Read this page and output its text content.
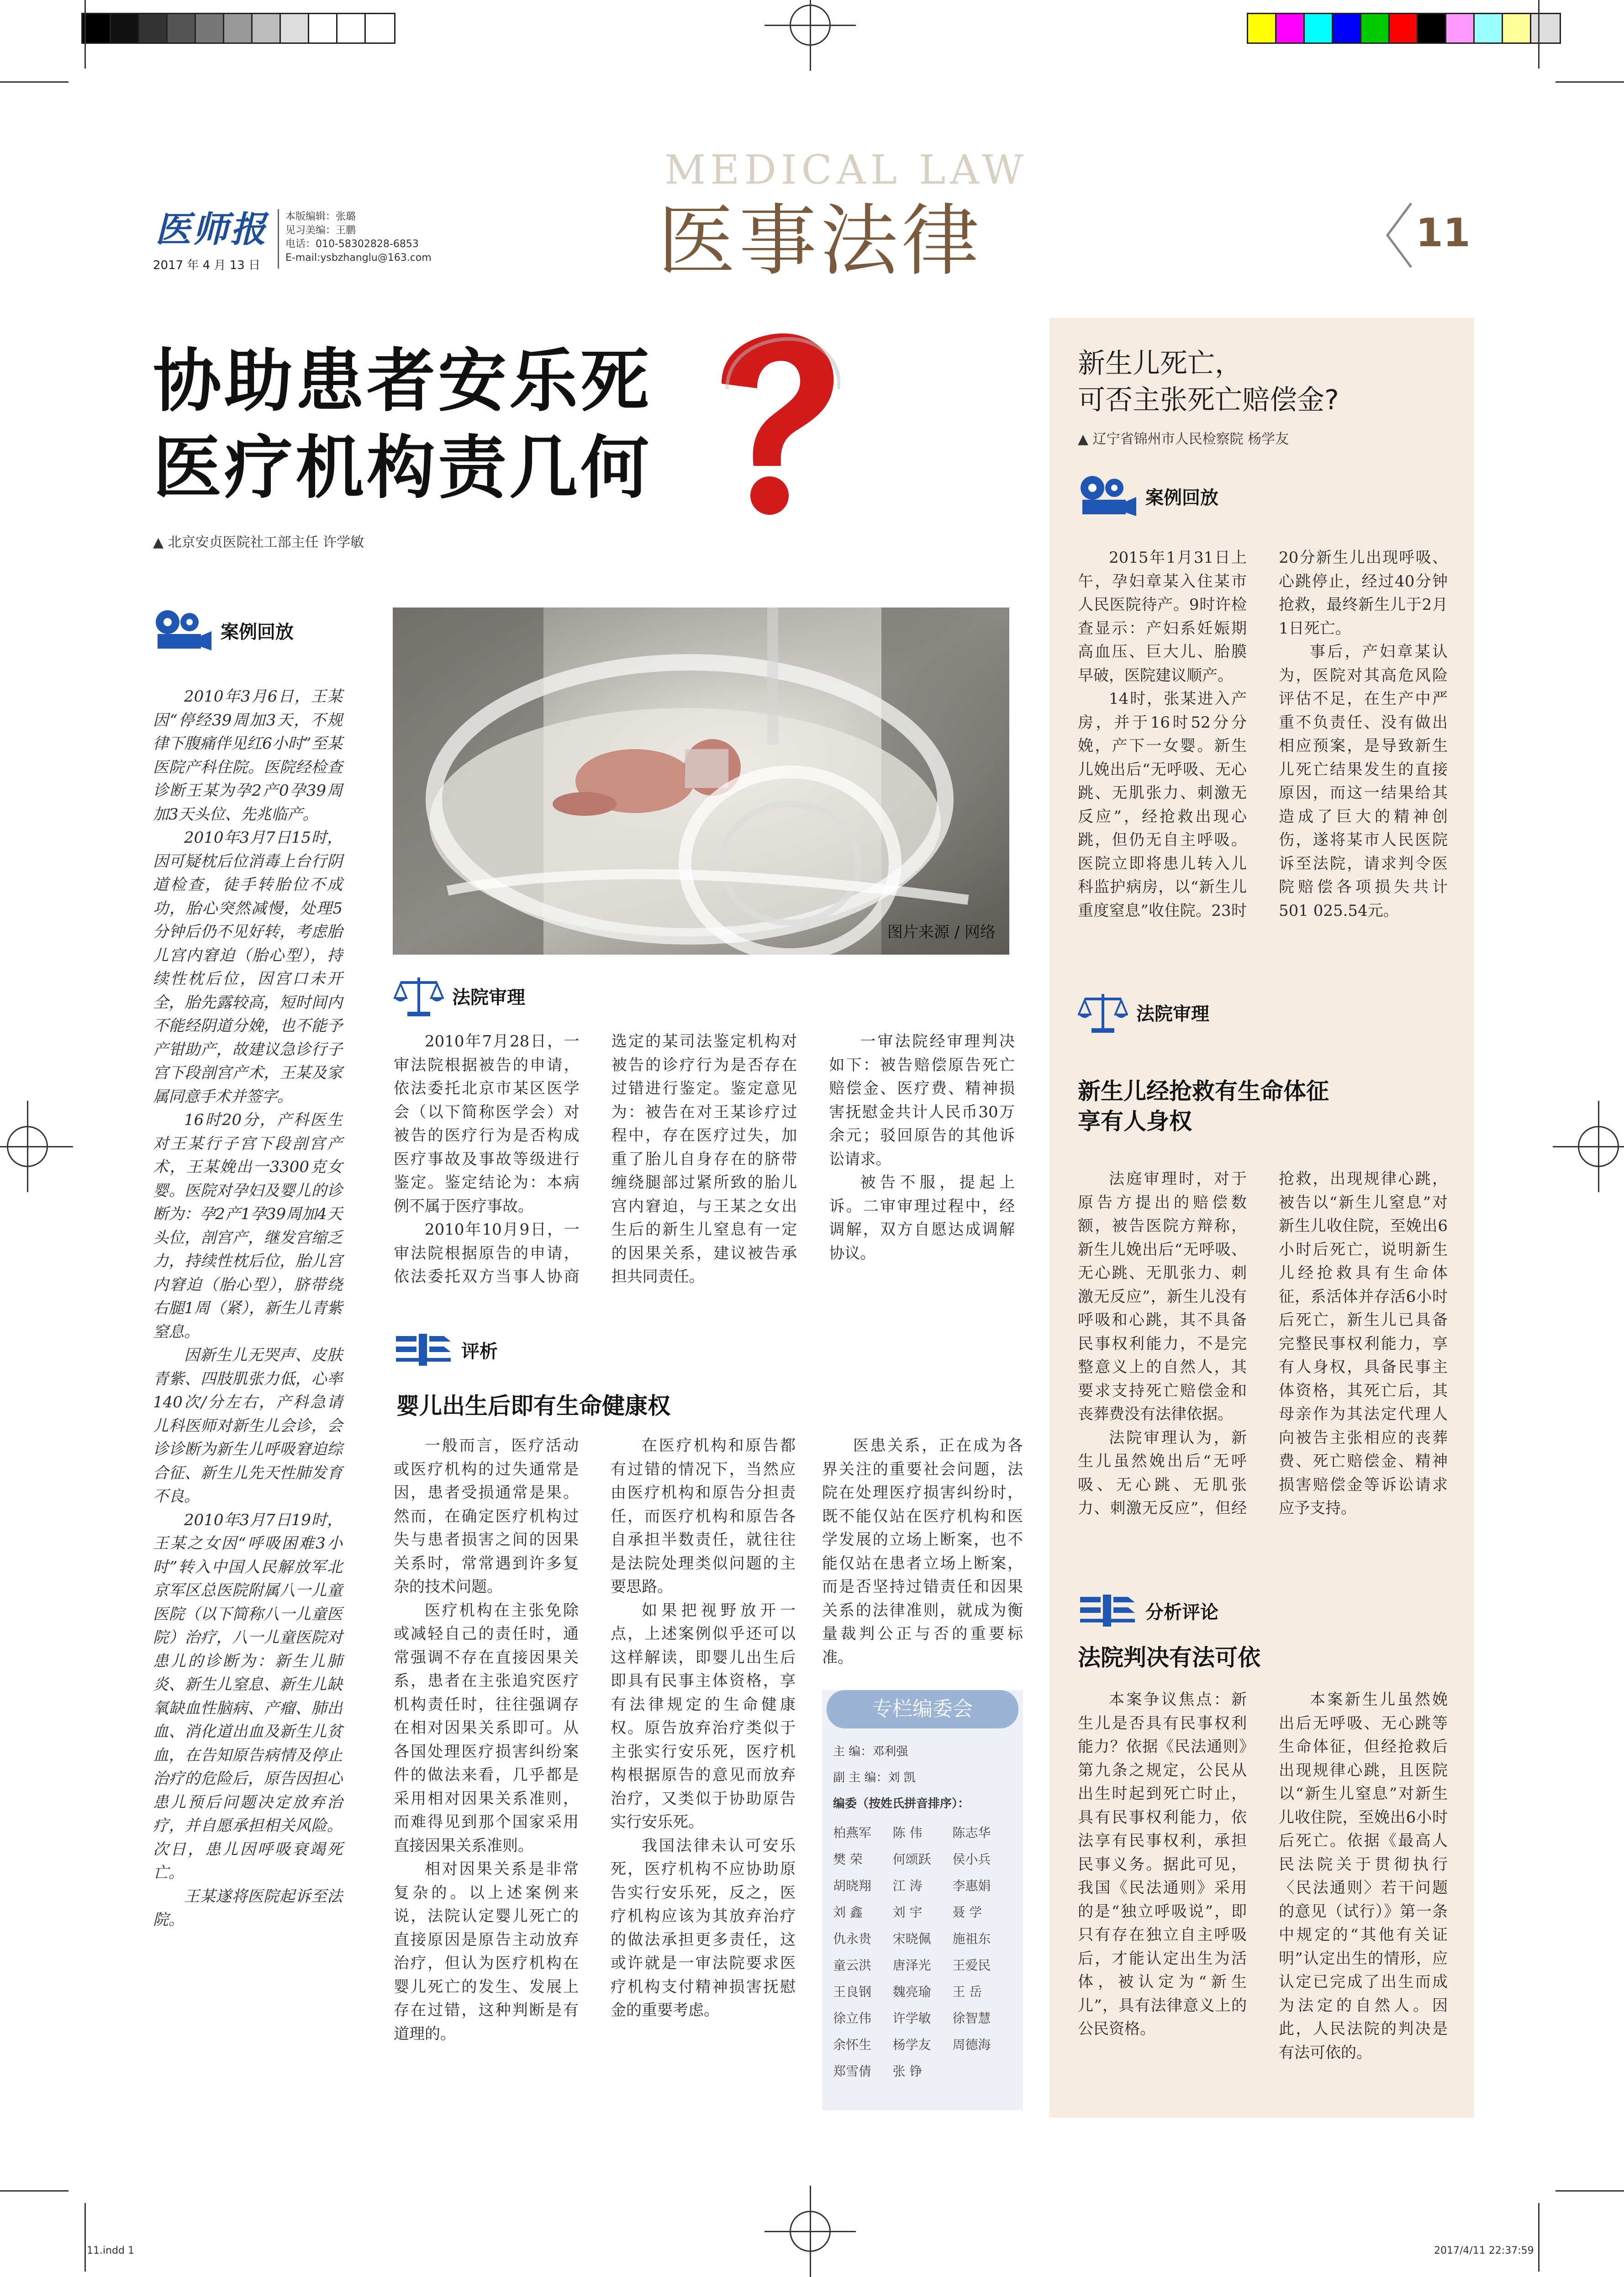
医师报
2017 年 4 月 13 日
本版编辑：张璐
见习美编：王鹏
电话：010-58302828-6853
E-mail:ysbzhanglu@163.com
MEDICAL LAW
医事法律	11
协助患者安乐死
医疗机构责几何
▲ 北京安贞医院社工部主任 许学敏
案例回放

2010年3月6日，王某因“停经39周加3天，不规律下腹痛伴见红6小时”至某医院产科住院。医院经检查诊断王某为孕2产0孕39周加3天头位、先兆临产。

2010年3月7日15时，因可疑枕后位消毒上台行阴道检查，徒手转胎位不成功，胎心突然减慢，处理5分钟后仍不见好转，考虑胎儿宫内窘迫（胎心型），持续性枕后位，因宫口未开全，胎先露较高，短时间内不能经阴道分娩，也不能予产钳助产，故建议急诊行子宫下段剖宫产术，王某及家属同意手术并签字。

16时20分，产科医生对王某行子宫下段剖宫产术，王某娩出一3300克女婴。医院对孕妇及婴儿的诊断为：孕2产1孕39周加4天头位，剖宫产，继发宫缩乏力，持续性枕后位，胎儿宫内窘迫（胎心型），脐带绕右腿1周（紧），新生儿青紫窒息。

因新生儿无哭声、皮肤青紫、四肢肌张力低，心率140次/分左右，产科急请儿科医师对新生儿会诊，会诊诊断为新生儿呼吸窘迫综合征、新生儿先天性肺发育不良。

2010年3月7日19时，王某之女因“呼吸困难3小时”转入中国人民解放军北京军区总医院附属八一儿童医院（以下简称八一儿童医院）治疗，八一儿童医院对患儿的诊断为：新生儿肺炎、新生儿窒息、新生儿缺氧缺血性脑病、产瘤、肺出血、消化道出血及新生儿贫血，在告知原告病情及停止治疗的危险后，原告因担心患儿预后问题决定放弃治疗，并自愿承担相关风险。次日，患儿因呼吸衰竭死亡。

王某遂将医院起诉至法院。

图片来源 / 网络
法院审理

2010年7月28日，一审法院根据被告的申请，依法委托北京市某区医学会（以下简称医学会）对被告的医疗行为是否构成医疗事故及事故等级进行鉴定。鉴定结论为：本病例不属于医疗事故。

2010年10月9日，一审法院根据原告的申请，依法委托双方当事人协商选定的某司法鉴定机构对被告的诊疗行为是否存在过错进行鉴定。鉴定意见为：被告在对王某诊疗过程中，存在医疗过失，加重了胎儿自身存在的脐带缠绕腿部过紧所致的胎儿宫内窘迫，与王某之女出生后的新生儿窒息有一定的因果关系，建议被告承担共同责任。

一审法院经审理判决如下：被告赔偿原告死亡赔偿金、医疗费、精神损害抚慰金共计人民币30万余元；驳回原告的其他诉讼请求。

被告不服，提起上诉。二审审理过程中，经调解，双方自愿达成调解协议。

评析
婴儿出生后即有生命健康权

一般而言，医疗活动或医疗机构的过失通常是因，患者受损通常是果。然而，在确定医疗机构过失与患者损害之间的因果关系时，常常遇到许多复杂的技术问题。

医疗机构在主张免除或减轻自己的责任时，通常强调不存在直接因果关系，患者在主张追究医疗机构责任时，往往强调存在相对因果关系即可。从各国处理医疗损害纠纷案件的做法来看，几乎都是采用相对因果关系准则，而难得见到那个国家采用直接因果关系准则。

相对因果关系是非常复杂的。以上述案例来说，法院认定婴儿死亡的直接原因是原告主动放弃治疗，但认为医疗机构在婴儿死亡的发生、发展上存在过错，这种判断是有道理的。

在医疗机构和原告都有过错的情况下，当然应由医疗机构和原告分担责任，而医疗机构和原告各自承担半数责任，就往往是法院处理类似问题的主要思路。

如果把视野放开一点，上述案例似乎还可以这样解读，即婴儿出生后即具有民事主体资格，享有法律规定的生命健康权。原告放弃治疗类似于主张实行安乐死，医疗机构根据原告的意见而放弃治疗，又类似于协助原告实行安乐死。

我国法律未认可安乐死，医疗机构不应协助原告实行安乐死，反之，医疗机构应该为其放弃治疗的做法承担更多责任，这或许就是一审法院要求医疗机构支付精神损害抚慰金的重要考虑。

医患关系，正在成为各界关注的重要社会问题，法院在处理医疗损害纠纷时，既不能仅站在医疗机构和医学发展的立场上断案，也不能仅站在患者立场上断案，而是否坚持过错责任和因果关系的法律准则，就成为衡量裁判公正与否的重要标准。

专栏编委会
主 编：邓利强
副 主 编：刘 凯
编委（按姓氏拼音排序）：
柏燕军	陈 伟	陈志华
樊 荣	何颂跃	侯小兵
胡晓翔	江 涛	李惠娟
刘 鑫	刘 宇	聂 学
仇永贵	宋晓佩	施祖东
童云洪	唐泽光	王爱民
王良钢	魏亮瑜	王 岳
徐立伟	许学敏	徐智慧
余怀生	杨学友	周德海
郑雪倩	张 铮
新生儿死亡，
可否主张死亡赔偿金?
▲ 辽宁省锦州市人民检察院 杨学友
案例回放

2015年1月31日上午，孕妇章某入住某市人民医院待产。9时许检查显示：产妇系妊娠期高血压、巨大儿、胎膜早破，医院建议顺产。

14时，张某进入产房，并于16时52分分娩，产下一女婴。新生儿娩出后“无呼吸、无心跳、无肌张力、刺激无反应”，经抢救出现心跳，但仍无自主呼吸。医院立即将患儿转入儿科监护病房，以“新生儿重度窒息”收住院。23时20分新生儿出现呼吸、心跳停止，经过40分钟抢救，最终新生儿于2月1日死亡。

事后，产妇章某认为，医院对其高危风险评估不足，在生产中严重不负责任、没有做出相应预案，是导致新生儿死亡结果发生的直接原因，而这一结果给其造成了巨大的精神创伤，遂将某市人民医院诉至法院，请求判令医院赔偿各项损失共计501 025.54元。

法院审理
新生儿经抢救有生命体征
享有人身权

法庭审理时，对于原告方提出的赔偿数额，被告医院方辩称，新生儿娩出后“无呼吸、无心跳、无肌张力、刺激无反应”，新生儿没有呼吸和心跳，其不具备民事权利能力，不是完整意义上的自然人，其要求支持死亡赔偿金和丧葬费没有法律依据。

法院审理认为，新生儿虽然娩出后“无呼吸、无心跳、无肌张力、刺激无反应”，但经抢救，出现规律心跳，被告以“新生儿窒息”对新生儿收住院，至娩出6小时后死亡，说明新生儿经抢救具有生命体征，系活体并存活6小时后死亡，新生儿已具备完整民事权利能力，享有人身权，具备民事主体资格，其死亡后，其母亲作为其法定代理人向被告主张相应的丧葬费、死亡赔偿金、精神损害赔偿金等诉讼请求应予支持。

分析评论
法院判决有法可依

本案争议焦点：新生儿是否具有民事权利能力？依据《民法通则》第九条之规定，公民从出生时起到死亡时止，具有民事权利能力，依法享有民事权利，承担民事义务。据此可见，我国《民法通则》采用的是“独立呼吸说”，即只有存在独立自主呼吸后，才能认定出生为活体，被认定为“新生儿”，具有法律意义上的公民资格。

本案新生儿虽然娩出后无呼吸、无心跳等生命体征，但经抢救后出现规律心跳，且医院以“新生儿窒息”对新生儿收住院，至娩出6小时后死亡。依据《最高人民法院关于贯彻执行〈民法通则〉若干问题的意见（试行）》第一条中规定的“其他有关证明”认定出生的情形，应认定已完成了出生而成为法定的自然人。因此，人民法院的判决是有法可依的。

11.indd 1	2017/4/11 22:37:59
